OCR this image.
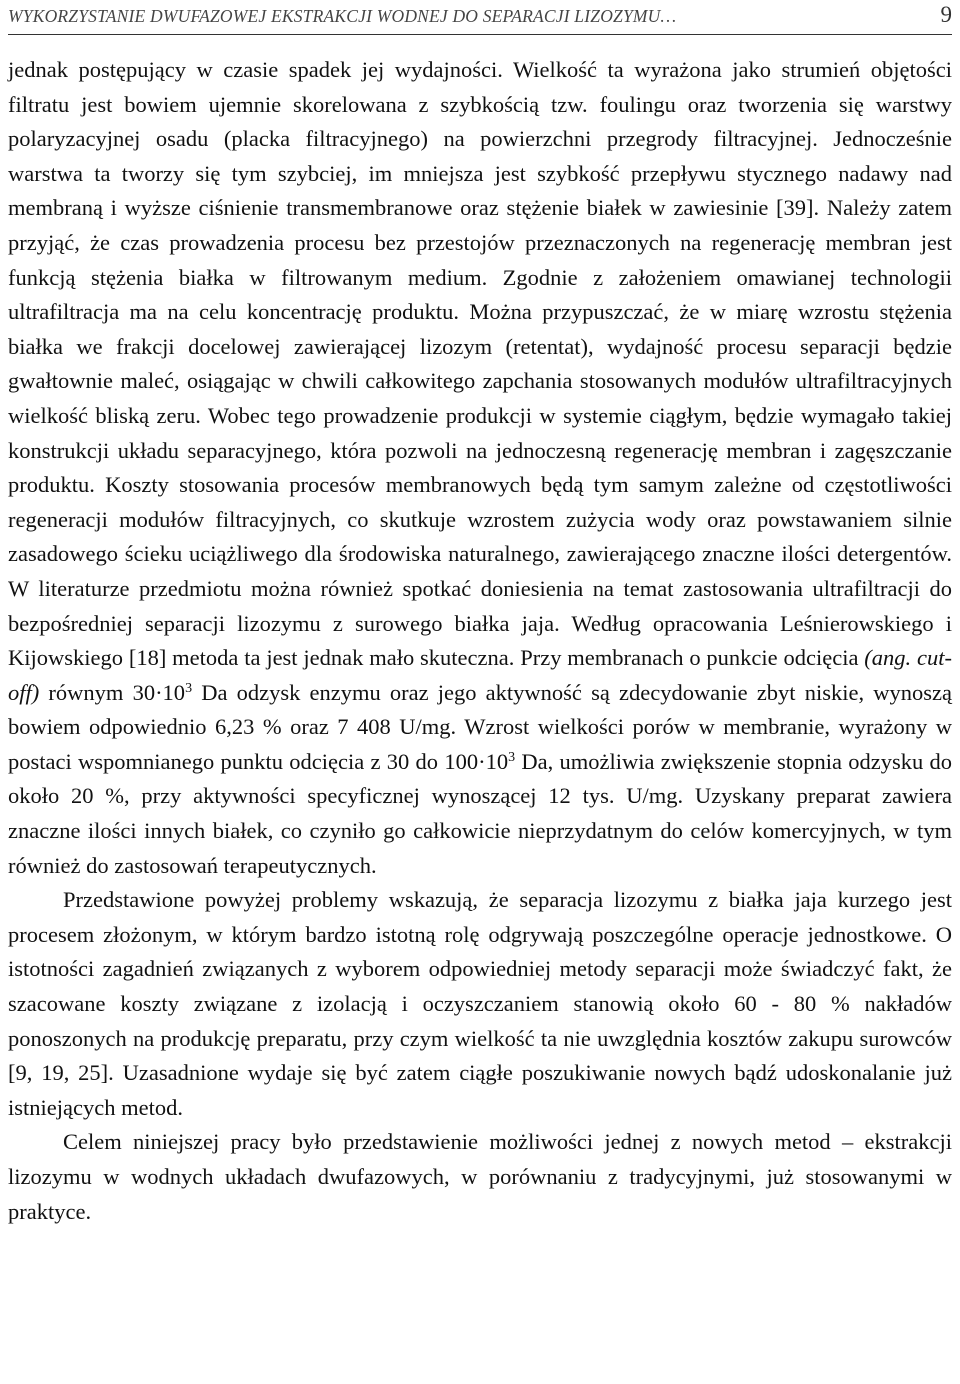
WYKORZYSTANIE DWUFAZOWEJ EKSTRAKCJI WODNEJ DO SEPARACJI LIZOZYMU…	9

jednak postępujący w czasie spadek jej wydajności. Wielkość ta wyrażona jako strumień objętości filtratu jest bowiem ujemnie skorelowana z szybkością tzw. foulingu oraz tworzenia się warstwy polaryzacyjnej osadu (placka filtracyjnego) na powierzchni przegrody filtracyjnej. Jednocześnie warstwa ta tworzy się tym szybciej, im mniejsza jest szybkość przepływu stycznego nadawy nad membraną i wyższe ciśnienie transmembranowe oraz stężenie białek w zawiesinie [39]. Należy zatem przyjąć, że czas prowadzenia procesu bez przestojów przeznaczonych na regenerację membran jest funkcją stężenia białka w filtrowanym medium. Zgodnie z założeniem omawianej technologii ultrafiltracja ma na celu koncentrację produktu. Można przypuszczać, że w miarę wzrostu stężenia białka we frakcji docelowej zawierającej lizozym (retentat), wydajność procesu separacji będzie gwałtownie maleć, osiągając w chwili całkowitego zapchania stosowanych modułów ultrafiltracyjnych wielkość bliską zeru. Wobec tego prowadzenie produkcji w systemie ciągłym, będzie wymagało takiej konstrukcji układu separacyjnego, która pozwoli na jednoczesną regenerację membran i zagęszczanie produktu. Koszty stosowania procesów membranowych będą tym samym zależne od częstotliwości regeneracji modułów filtracyjnych, co skutkuje wzrostem zużycia wody oraz powstawaniem silnie zasadowego ścieku uciążliwego dla środowiska naturalnego, zawierającego znaczne ilości detergentów. W literaturze przedmiotu można również spotkać doniesienia na temat zastosowania ultrafiltracji do bezpośredniej separacji lizozymu z surowego białka jaja. Według opracowania Leśnierowskiego i Kijowskiego [18] metoda ta jest jednak mało skuteczna. Przy membranach o punkcie odcięcia (ang. cut-off) równym $30\cdot 10^3$ Da odzysk enzymu oraz jego aktywność są zdecydowanie zbyt niskie, wynoszą bowiem odpowiednio 6,23 % oraz 7 408 U/mg. Wzrost wielkości porów w membranie, wyrażony w postaci wspomnianego punktu odcięcia z 30 do $100\cdot 10^3$ Da, umożliwia zwiększenie stopnia odzysku do około 20 %, przy aktywności specyficznej wynoszącej 12 tys. U/mg. Uzyskany preparat zawiera znaczne ilości innych białek, co czyniło go całkowicie nieprzydatnym do celów komercyjnych, w tym również do zastosowań terapeutycznych.

Przedstawione powyżej problemy wskazują, że separacja lizozymu z białka jaja kurzego jest procesem złożonym, w którym bardzo istotną rolę odgrywają poszczególne operacje jednostkowe. O istotności zagadnień związanych z wyborem odpowiedniej metody separacji może świadczyć fakt, że szacowane koszty związane z izolacją i oczyszczaniem stanowią około 60 - 80 % nakładów ponoszonych na produkcję preparatu, przy czym wielkość ta nie uwzględnia kosztów zakupu surowców [9, 19, 25]. Uzasadnione wydaje się być zatem ciągłe poszukiwanie nowych bądź udoskonalanie już istniejących metod.

Celem niniejszej pracy było przedstawienie możliwości jednej z nowych metod – ekstrakcji lizozymu w wodnych układach dwufazowych, w porównaniu z tradycyjnymi, już stosowanymi w praktyce.
